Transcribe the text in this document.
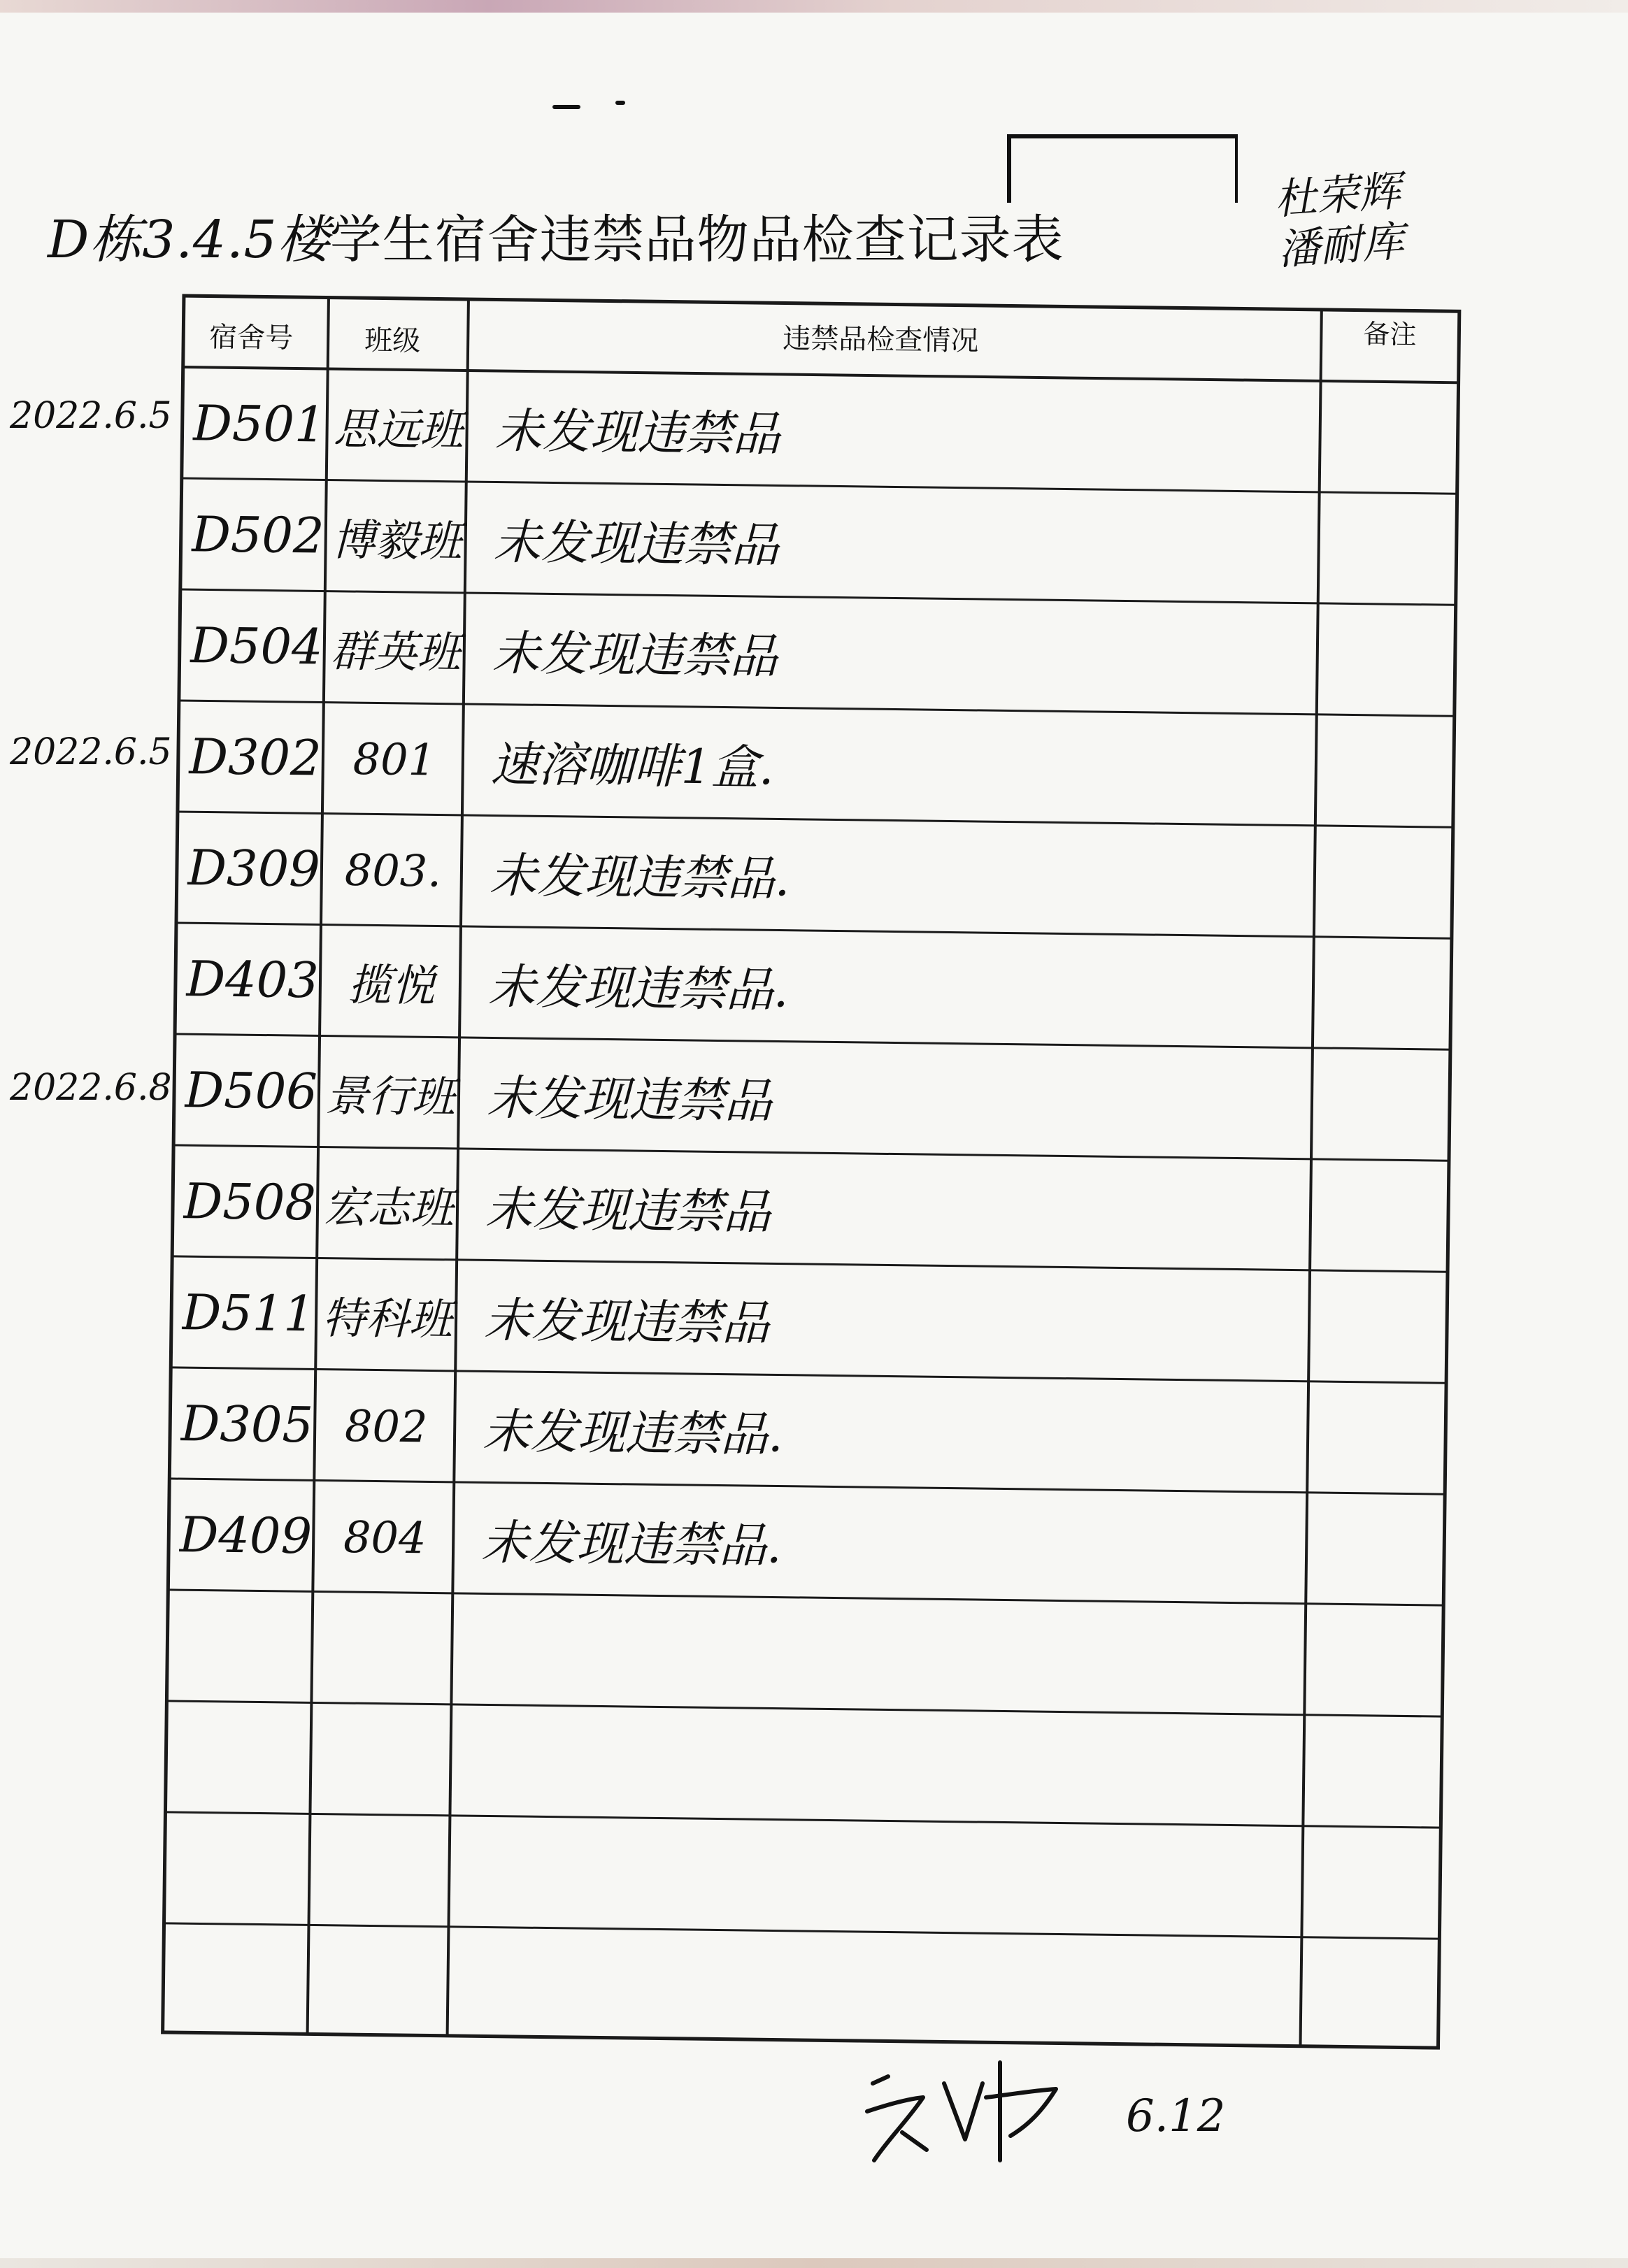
D栋3.4.5楼学生宿舍违禁品物品检查记录表
杜荣辉
潘耐库
宿舍号	班级	违禁品检查情况	备注
D501 思远班 未发现违禁品
D502 博毅班 未发现违禁品
D504 群英班 未发现违禁品
D302 801	速溶咖啡1盒.
D309 803. 未发现违禁品.
D403 揽悦	未发现违禁品.
D506 景行班 未发现违禁品
D508 宏志班 未发现违禁品
D511 特科班 未发现违禁品
D305 802	未发现违禁品.
D409 804	未发现违禁品.
2022.6.5
2022.6.5
2022.6.8
6.12
